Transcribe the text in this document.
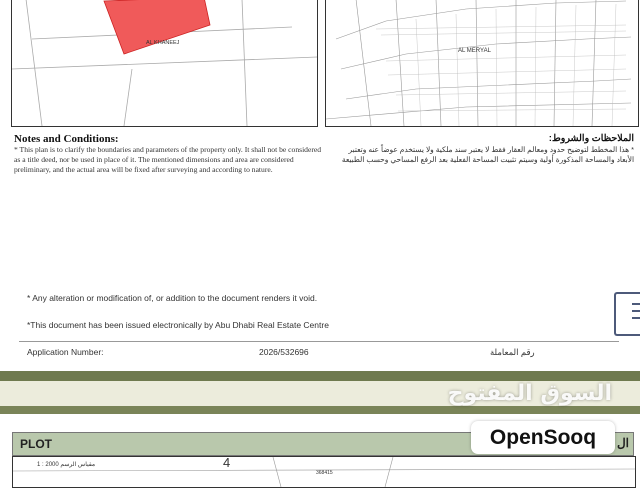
AL KHANEEJ
AL MERYAL
Notes and Conditions:
* This plan is to clarify the boundaries and parameters of the property only. It shall not be considered as a title deed, nor be used in place of it. The mentioned dimensions and area are considered preliminary, and the actual area will be fixed after surveying and according to nature.
الملاحظات والشروط:
* هذا المخطط لتوضيح حدود ومعالم العقار فقط لا يعتبر سند ملكية ولا يستخدم عوضاً عنه وتعتبر الأبعاد والمساحة المذكورة أولية وسيتم تثبيت المساحة الفعلية بعد الرفع المساحي وحسب الطبيعة
* Any alteration or modification of, or addition to the document renders it void.
*This document has been issued electronically by Abu Dhabi Real Estate Centre
Application Number:	2026/532696	رقم المعاملة
PLOT	ال
مقياس الرسم 2000 : 1	4
368415
السوق المفتوح
OpenSooq
